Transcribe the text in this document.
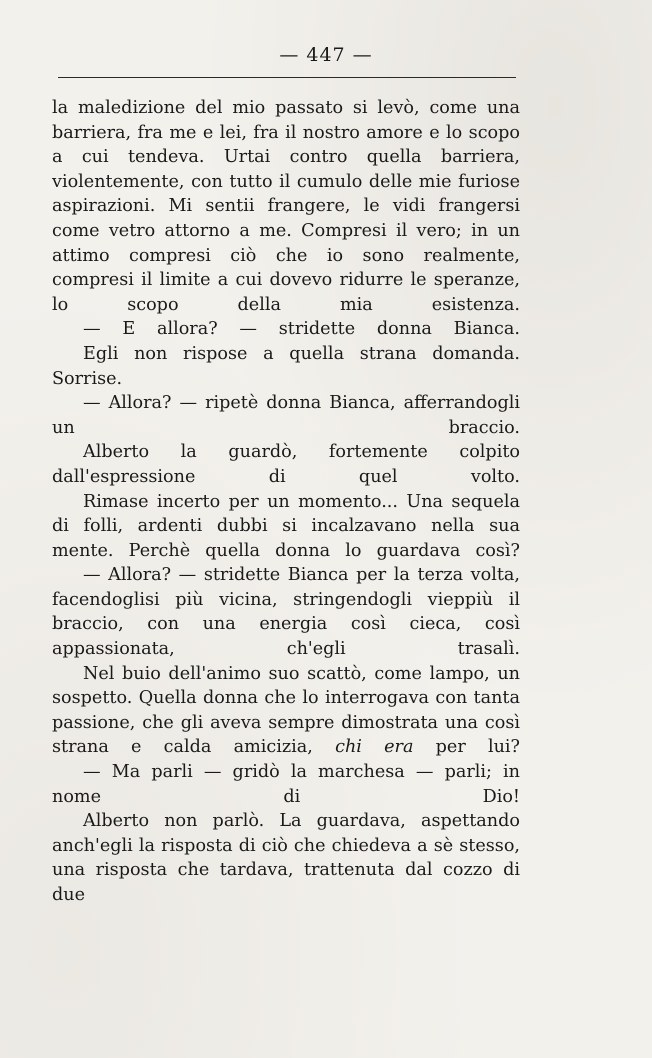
— 447 —

la maledizione del mio passato si levò, come una barriera, fra me e lei, fra il nostro amore e lo scopo a cui tendeva. Urtai contro quella barriera, violentemente, con tutto il cumulo delle mie furiose aspirazioni. Mi sentii frangere, le vidi frangersi come vetro attorno a me. Compresi il vero; in un attimo compresi ciò che io sono realmente, compresi il limite a cui dovevo ridurre le speranze, lo scopo della mia esistenza.

— E allora? — stridette donna Bianca.

Egli non rispose a quella strana domanda. Sorrise.

— Allora? — ripetè donna Bianca, afferrandogli un braccio.

Alberto la guardò, fortemente colpito dall'espressione di quel volto.

Rimase incerto per un momento... Una sequela di folli, ardenti dubbi si incalzavano nella sua mente. Perchè quella donna lo guardava così?

— Allora? — stridette Bianca per la terza volta, facendoglisi più vicina, stringendogli vieppiù il braccio, con una energia così cieca, così appassionata, ch'egli trasalì.

Nel buio dell'animo suo scattò, come lampo, un sospetto. Quella donna che lo interrogava con tanta passione, che gli aveva sempre dimostrata una così strana e calda amicizia, chi era per lui?

— Ma parli — gridò la marchesa — parli; in nome di Dio!

Alberto non parlò. La guardava, aspettando anch'egli la risposta di ciò che chiedeva a sè stesso, una risposta che tardava, trattenuta dal cozzo di due
